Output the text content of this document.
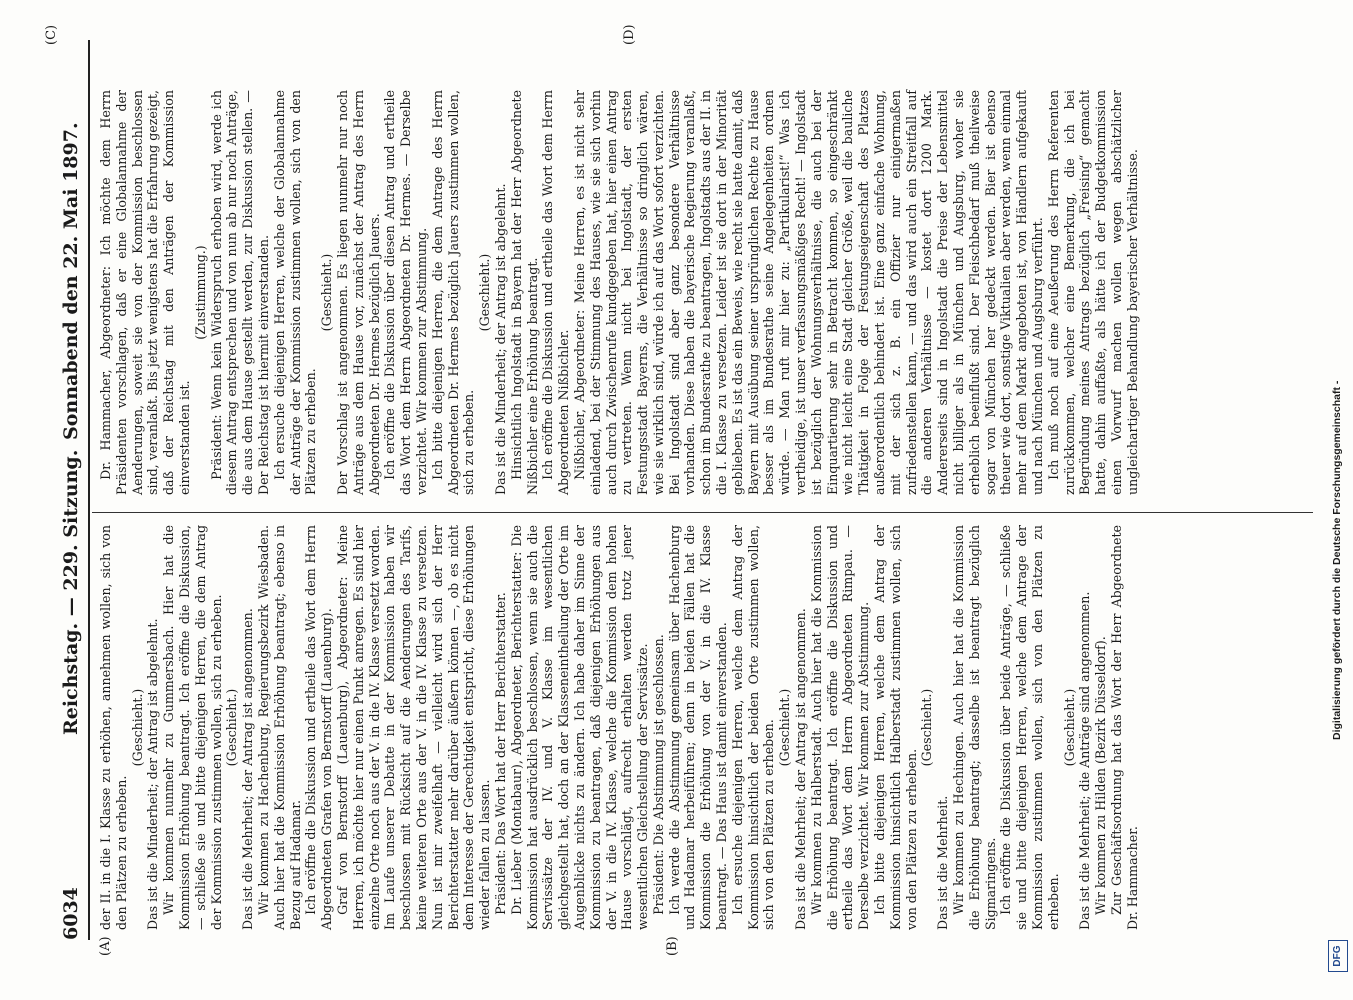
6034
Reichstag. — 229. Sitzung.
Sonnabend den 22. Mai 1897.
(A)	(B)
(C)	(D)

der II. in die I. Klasse zu erhöhen, annehmen wollen, sich von den Plätzen zu erheben.

(Geschieht.) Das ist die Minderheit; der Antrag ist abgelehnt. Wir kommen nunmehr zu Gummersbach. Hier hat die Kommission Erhöhung beantragt. Ich eröffne die Diskussion, — schließe sie und bitte diejenigen Herren, die dem Antrag der Kommission zustimmen wollen, sich zu erheben. (Geschieht.) Das ist die Mehrheit; der Antrag ist angenommen. Wir kommen zu Hachenburg, Regierungsbezirk Wiesbaden. Auch hier hat die Kommission Erhöhung beantragt; ebenso in Bezug auf Hadamar. Ich eröffne die Diskussion und ertheile das Wort dem Herrn Abgeordneten Grafen von Bernstorff (Lauenburg). Graf von Bernstorff (Lauenburg), Abgeordneter: Meine Herren, ich möchte hier nur einen Punkt anregen. Es sind hier einzelne Orte noch aus der V. in die IV. Klasse versetzt worden. Im Laufe unserer Debatte in der Kommission haben wir beschlossen mit Rücksicht auf die Aenderungen des Tarifs, keine weiteren Orte aus der V. in die IV. Klasse zu versetzen. Nun ist mir zweifelhaft — vielleicht wird sich der Herr Berichterstatter mehr darüber äußern können —, ob es nicht dem Interesse der Gerechtigkeit entspricht, diese Erhöhungen wieder fallen zu lassen. Präsident: Das Wort hat der Herr Berichterstatter. Dr. Lieber (Montabaur), Abgeordneter, Berichterstatter: Die Kommission hat ausdrücklich beschlossen, wenn sie auch die Servissätze der IV. und V. Klasse im wesentlichen gleichgestellt hat, doch an der Klasseneintheilung der Orte im Augenblicke nichts zu ändern. Ich habe daher im Sinne der Kommission zu beantragen, daß diejenigen Erhöhungen aus der V. in die IV. Klasse, welche die Kommission dem hohen Hause vorschlägt, aufrecht erhalten werden trotz jener wesentlichen Gleichstellung der Servissätze. Präsident: Die Abstimmung ist geschlossen. Ich werde die Abstimmung gemeinsam über Hachenburg und Hadamar herbeiführen; denn in beiden Fällen hat die Kommission die Erhöhung von der V. in die IV. Klasse beantragt. — Das Haus ist damit einverstanden. Ich ersuche diejenigen Herren, welche dem Antrag der Kommission hinsichtlich der beiden Orte zustimmen wollen, sich von den Plätzen zu erheben. (Geschieht.) Das ist die Mehrheit; der Antrag ist angenommen. Wir kommen zu Halberstadt. Auch hier hat die Kommission die Erhöhung beantragt. Ich eröffne die Diskussion und ertheile das Wort dem Herrn Abgeordneten Rimpau. — Derselbe verzichtet. Wir kommen zur Abstimmung. Ich bitte diejenigen Herren, welche dem Antrag der Kommission hinsichtlich Halberstadt zustimmen wollen, sich von den Plätzen zu erheben.

(Geschieht.)

Das ist die Mehrheit. Wir kommen zu Hechingen. Auch hier hat die Kommission die Erhöhung beantragt; dasselbe ist beantragt bezüglich Sigmaringens. Ich eröffne die Diskussion über beide Anträge, — schließe sie und bitte diejenigen Herren, welche dem Antrage der Kommission zustimmen wollen, sich von den Plätzen zu erheben.

(Geschieht.) Das ist die Mehrheit; die Anträge sind angenommen. Wir kommen zu Hilden (Bezirk Düsseldorf). Zur Geschäftsordnung hat das Wort der Herr Abgeordnete Dr. Hammacher.

Dr. Hammacher, Abgeordneter: Ich möchte dem Herrn Präsidenten vorschlagen, daß er eine Globalannahme der Aenderungen, soweit sie von der Kommission beschlossen sind, veranlaßt. Bis jetzt wenigstens hat die Erfahrung gezeigt, daß der Reichstag mit den Anträgen der Kommission einverstanden ist.

(Zustimmung.) Präsident: Wenn kein Widerspruch erhoben wird, werde ich diesem Antrag entsprechen und von nun ab nur noch Anträge, die aus dem Hause gestellt werden, zur Diskussion stellen. — Der Reichstag ist hiermit einverstanden. Ich ersuche diejenigen Herren, welche der Globalannahme der Anträge der Kommission zustimmen wollen, sich von den Plätzen zu erheben.

(Geschieht.) Der Vorschlag ist angenommen. Es liegen nunmehr nur noch Anträge aus dem Hause vor, zunächst der Antrag des Herrn Abgeordneten Dr. Hermes bezüglich Jauers. Ich eröffne die Diskussion über diesen Antrag und ertheile das Wort dem Herrn Abgeordneten Dr. Hermes. — Derselbe verzichtet. Wir kommen zur Abstimmung. Ich bitte diejenigen Herren, die dem Antrage des Herrn Abgeordneten Dr. Hermes bezüglich Jauers zustimmen wollen, sich zu erheben.

(Geschieht.) Das ist die Minderheit; der Antrag ist abgelehnt. Hinsichtlich Ingolstadt in Bayern hat der Herr Abgeordnete Nißbichler eine Erhöhung beantragt. Ich eröffne die Diskussion und ertheile das Wort dem Herrn Abgeordneten Nißbichler. Nißbichler, Abgeordneter: Meine Herren, es ist nicht sehr einladend, bei der Stimmung des Hauses, wie sie sich vorhin auch durch Zwischenrufe kundgegeben hat, hier einen Antrag zu vertreten. Wenn nicht bei Ingolstadt, der ersten Festungsstadt Bayerns, die Verhältnisse so dringlich wären, wie sie wirklich sind, würde ich auf das Wort sofort verzichten. Bei Ingolstadt sind aber ganz besondere Verhältnisse vorhanden. Diese haben die bayerische Regierung veranlaßt, schon im Bundesrathe zu beantragen, Ingolstadts aus der II. in die I. Klasse zu versetzen. Leider ist sie dort in der Minorität geblieben. Es ist das ein Beweis, wie recht sie hatte damit, daß Bayern mit Ausübung seiner ursprünglichen Rechte zu Hause besser als im Bundesrathe seine Angelegenheiten ordnen würde. — Man ruft mir hier zu: „Partikularist!“ Was ich vertheidige, ist unser verfassungsmäßiges Recht! — Ingolstadt ist bezüglich der Wohnungsverhältnisse, die auch bei der Einquartierung sehr in Betracht kommen, so eingeschränkt wie nicht leicht eine Stadt gleicher Größe, weil die bauliche Thätigkeit in Folge der Festungseigenschaft des Platzes außerordentlich behindert ist. Eine ganz einfache Wohnung, mit der sich z. B. ein Offizier nur einigermaßen zufriedenstellen kann, — und das wird auch ein Streitfall auf die anderen Verhältnisse — kostet dort 1200 Mark. Andererseits sind in Ingolstadt die Preise der Lebensmittel nicht billiger als in München und Augsburg, woher sie erheblich beeinflußt sind. Der Fleischbedarf muß theilweise sogar von München her gedeckt werden. Bier ist ebenso theuer wie dort, sonstige Viktualien aber werden, wenn einmal mehr auf dem Markt angeboten ist, von Händlern aufgekauft und nach München und Augsburg verführt. Ich muß noch auf eine Aeußerung des Herrn Referenten zurückkommen, welcher eine Bemerkung, die ich bei Begründung meines Antrags bezüglich „Freising“ gemacht hatte, dahin auffaßte, als hätte ich der Budgetkommission einen Vorwurf machen wollen wegen abschätzlicher ungleichartiger Behandlung bayerischer Verhältnisse.

DFG
Digitalisierung gefördert durch die Deutsche Forschungsgemeinschaft -
